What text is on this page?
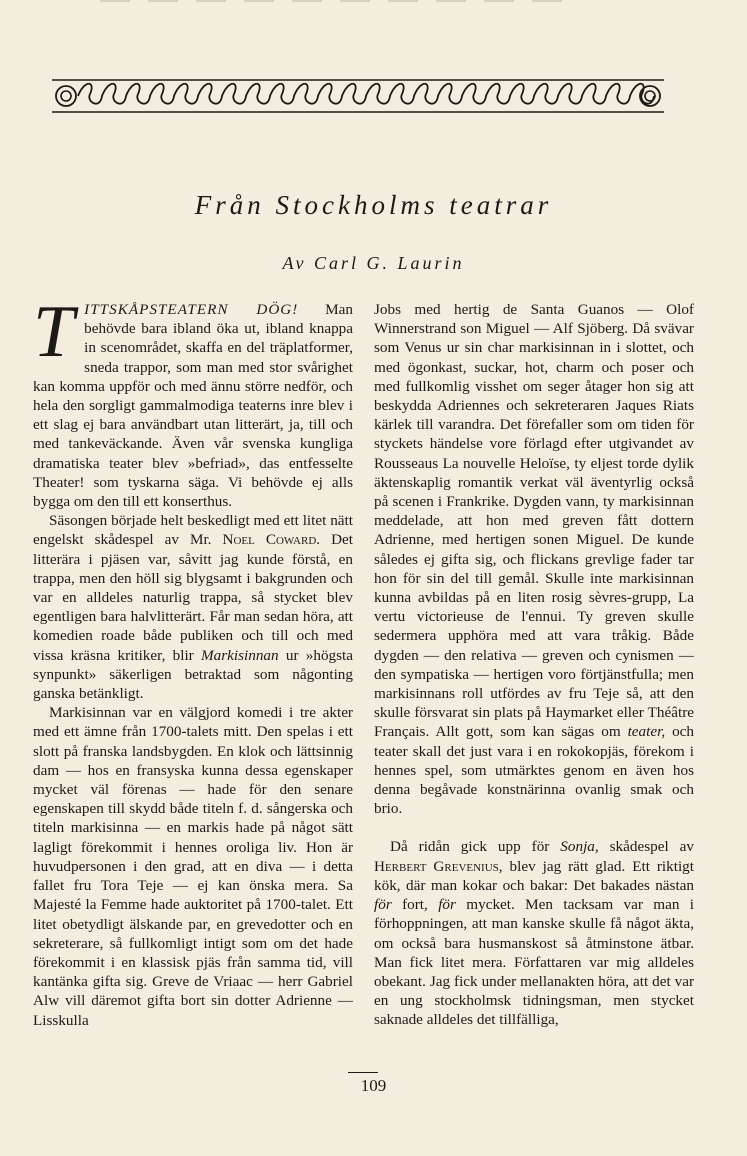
Från Stockholms teatrar
Av Carl G. Laurin

TITTSKÅPSTEATERN DÖG! Man behövde bara ibland öka ut, ibland knappa in scenområdet, skaffa en del träplatformer, sneda trappor, som man med stor svårighet kan komma uppför och med ännu större nedför, och hela den sorgligt gammalmodiga teaterns inre blev i ett slag ej bara användbart utan litterärt, ja, till och med tankeväckande. Även vår svenska kungliga dramatiska teater blev »befriad», das entfesselte Theater! som tyskarna säga. Vi behövde ej alls bygga om den till ett konserthus.

Säsongen började helt beskedligt med ett litet nätt engelskt skådespel av Mr. Noel Coward. Det litterära i pjäsen var, såvitt jag kunde förstå, en trappa, men den höll sig blygsamt i bakgrunden och var en alldeles naturlig trappa, så stycket blev egentligen bara halvlitterärt. Får man sedan höra, att komedien roade både publiken och till och med vissa kräsna kritiker, blir Markisinnan ur »högsta synpunkt» säkerligen betraktad som någonting ganska betänkligt.

Markisinnan var en välgjord komedi i tre akter med ett ämne från 1700-talets mitt. Den spelas i ett slott på franska landsbygden. En klok och lättsinnig dam — hos en fransyska kunna dessa egenskaper mycket väl förenas — hade för den senare egenskapen till skydd både titeln f. d. sångerska och titeln markisinna — en markis hade på något sätt lagligt förekommit i hennes oroliga liv. Hon är huvudpersonen i den grad, att en diva — i detta fallet fru Tora Teje — ej kan önska mera. Sa Majesté la Femme hade auktoritet på 1700-talet. Ett litet obetydligt älskande par, en grevedotter och en sekreterare, så fullkomligt intigt som om det hade förekommit i en klassisk pjäs från samma tid, vill kantänka gifta sig. Greve de Vriaac — herr Gabriel Alw vill däremot gifta bort sin dotter Adrienne — Lisskulla

Jobs med hertig de Santa Guanos — Olof Winnerstrand son Miguel — Alf Sjöberg. Då svävar som Venus ur sin char markisinnan in i slottet, och med ögonkast, suckar, hot, charm och poser och med fullkomlig visshet om seger åtager hon sig att beskydda Adriennes och sekreteraren Jaques Riats kärlek till varandra. Det förefaller som om tiden för styckets händelse vore förlagd efter utgivandet av Rousseaus La nouvelle Heloïse, ty eljest torde dylik äktenskaplig romantik verkat väl äventyrlig också på scenen i Frankrike. Dygden vann, ty markisinnan meddelade, att hon med greven fått dottern Adrienne, med hertigen sonen Miguel. De kunde således ej gifta sig, och flickans grevlige fader tar hon för sin del till gemål. Skulle inte markisinnan kunna avbildas på en liten rosig sèvres-grupp, La vertu victorieuse de l'ennui. Ty greven skulle sedermera upphöra med att vara tråkig. Både dygden — den relativa — greven och cynismen — den sympatiska — hertigen voro förtjänstfulla; men markisinnans roll utfördes av fru Teje så, att den skulle försvarat sin plats på Haymarket eller Théâtre Français. Allt gott, som kan sägas om teater, och teater skall det just vara i en rokokopjäs, förekom i hennes spel, som utmärktes genom en även hos denna begåvade konstnärinna ovanlig smak och brio.

Då ridån gick upp för Sonja, skådespel av Herbert Grevenius, blev jag rätt glad. Ett riktigt kök, där man kokar och bakar: Det bakades nästan för fort, för mycket. Men tacksam var man i förhoppningen, att man kanske skulle få något äkta, om också bara husmanskost så åtminstone ätbar. Man fick litet mera. Författaren var mig alldeles obekant. Jag fick under mellanakten höra, att det var en ung stockholmsk tidningsman, men stycket saknade alldeles det tillfälliga,

109
